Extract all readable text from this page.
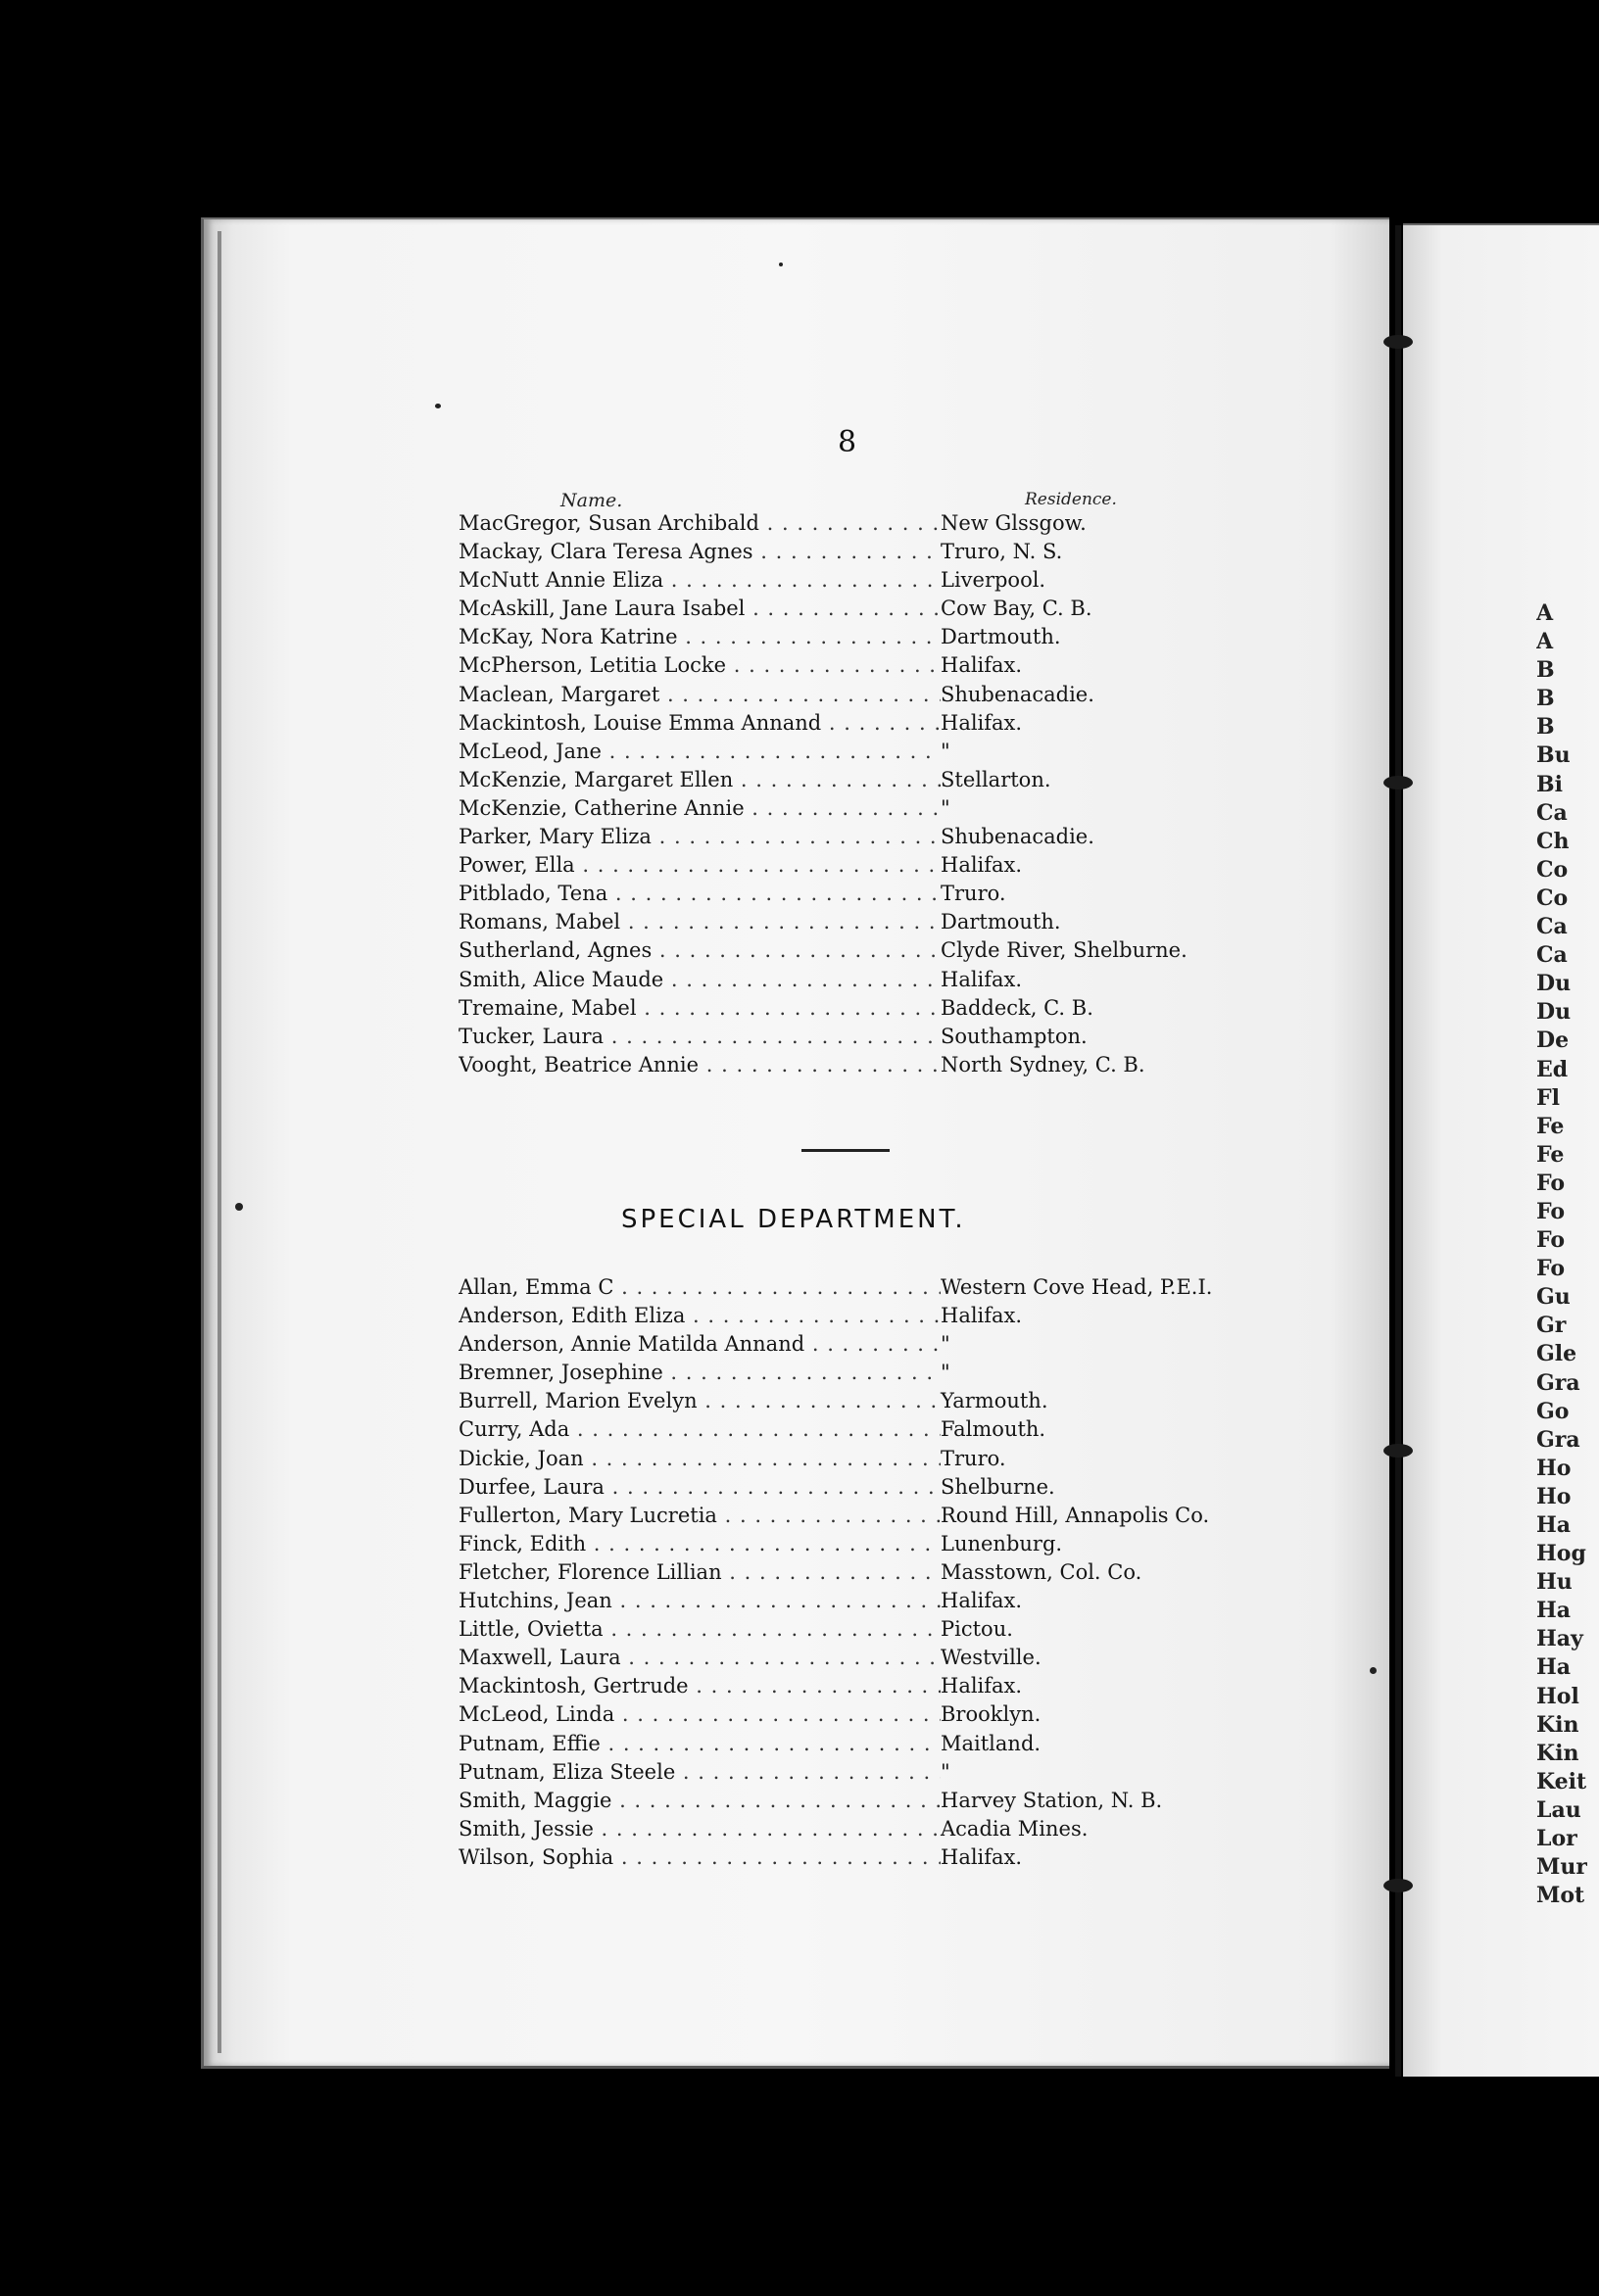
A
A
B
B
B
Bu
Bi
Ca
Ch
Co
Co
Ca
Ca
Du
Du
De
Ed
Fl
Fe
Fe
Fo
Fo
Fo
Fo
Gu
Gr
Gle
Gra
Go
Gra
Ho
Ho
Ha
Hog
Hu
Ha
Hay
Ha
Hol
Kin
Kin
Keit
Lau
Lor
Mur
Mot
8
Name.	Residence.
MacGregor, Susan Archibald . . .	New Glssgow.
Mackay, Clara Teresa Agnes . . .	Truro, N. S.
McNutt Annie Eliza . . .	Liverpool.
McAskill, Jane Laura Isabel . . .	Cow Bay, C. B.
McKay, Nora Katrine . . .	Dartmouth.
McPherson, Letitia Locke . . .	Halifax.
Maclean, Margaret . . .	Shubenacadie.
Mackintosh, Louise Emma Annand . . .	Halifax.
McLeod, Jane . . .	"
McKenzie, Margaret Ellen . . .	Stellarton.
McKenzie, Catherine Annie . . .	"
Parker, Mary Eliza . . .	Shubenacadie.
Power, Ella . . .	Halifax.
Pitblado, Tena . . .	Truro.
Romans, Mabel . . .	Dartmouth.
Sutherland, Agnes . . .	Clyde River, Shelburne.
Smith, Alice Maude . . .	Halifax.
Tremaine, Mabel . . .	Baddeck, C. B.
Tucker, Laura . . .	Southampton.
Vooght, Beatrice Annie . . .	North Sydney, C. B.
SPECIAL DEPARTMENT.
Allan, Emma C . . .	Western Cove Head, P.E.I.
Anderson, Edith Eliza . . .	Halifax.
Anderson, Annie Matilda Annand . . .	"
Bremner, Josephine . . .	"
Burrell, Marion Evelyn . . .	Yarmouth.
Curry, Ada . . .	Falmouth.
Dickie, Joan . . .	Truro.
Durfee, Laura . . .	Shelburne.
Fullerton, Mary Lucretia . . .	Round Hill, Annapolis Co.
Finck, Edith . . .	Lunenburg.
Fletcher, Florence Lillian . . .	Masstown, Col. Co.
Hutchins, Jean . . .	Halifax.
Little, Ovietta . . .	Pictou.
Maxwell, Laura . . .	Westville.
Mackintosh, Gertrude . . .	Halifax.
McLeod, Linda . . .	Brooklyn.
Putnam, Effie . . .	Maitland.
Putnam, Eliza Steele . . .	"
Smith, Maggie . . .	Harvey Station, N. B.
Smith, Jessie . . .	Acadia Mines.
Wilson, Sophia . . .	Halifax.
